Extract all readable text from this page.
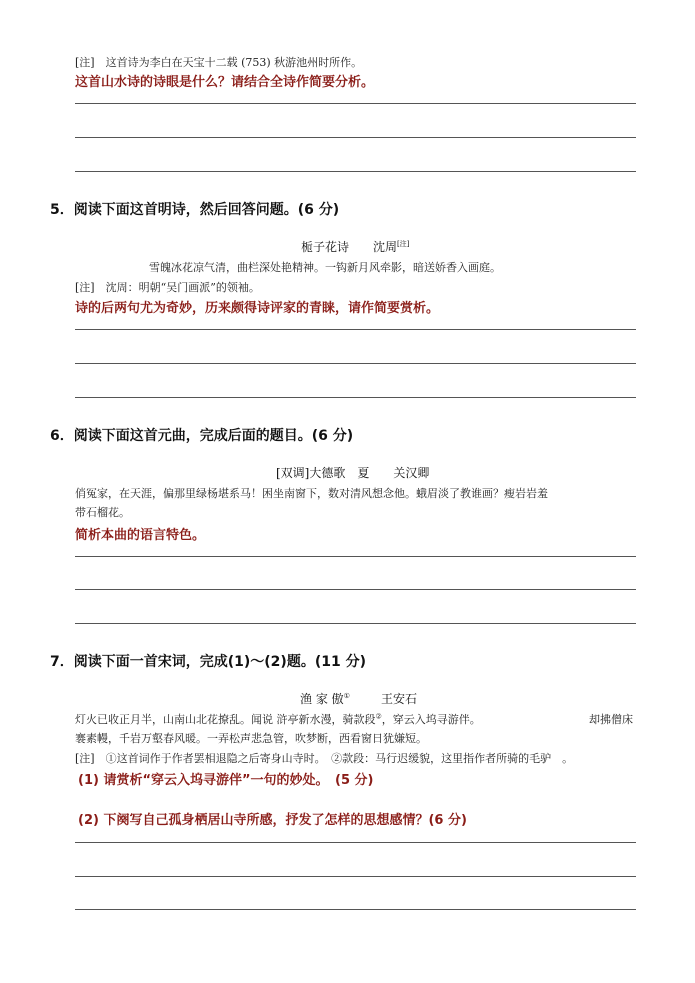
[注]　这首诗为李白在天宝十二载 (753) 秋游池州时所作。
这首山水诗的诗眼是什么？请结合全诗作简要分析。
5．阅读下面这首明诗，然后回答问题。(6 分)
栀子花诗　　沈周[注]
雪魄冰花凉气清，曲栏深处艳精神。一钩新月风牵影，暗送娇香入画庭。
[注]　沈周：明朝“吴门画派”的领袖。
诗的后两句尤为奇妙，历来颇得诗评家的青睐，请作简要赏析。
6．阅读下面这首元曲，完成后面的题目。(6 分)
[双调]大德歌　夏　　关汉卿
俏冤家，在天涯，偏那里绿杨堪系马！困坐南窗下，数对清风想念他。蛾眉淡了教谁画？瘦岩岩羞
带石榴花。
简析本曲的语言特色。
7．阅读下面一首宋词，完成(1)～(2)题。(11 分)
渔 家 傲①	王安石
灯火已收正月半，山南山北花撩乱。闻说 浒亭新水漫，骑款段②，穿云入坞寻游伴。	却拂僧床
褰素幔，千岩万壑春风暖。一弄松声悲急管，吹梦断，西看窗日犹嫌短。
[注]　①这首词作于作者罢相退隐之后寄身山寺时。　②款段：马行迟缓貌，这里指作者所骑的毛驴　。
(1) 请赏析“穿云入坞寻游伴”一句的妙处。　(5 分)
(2) 下阕写自己孤身栖居山寺所感，抒发了怎样的思想感情？(6 分)
